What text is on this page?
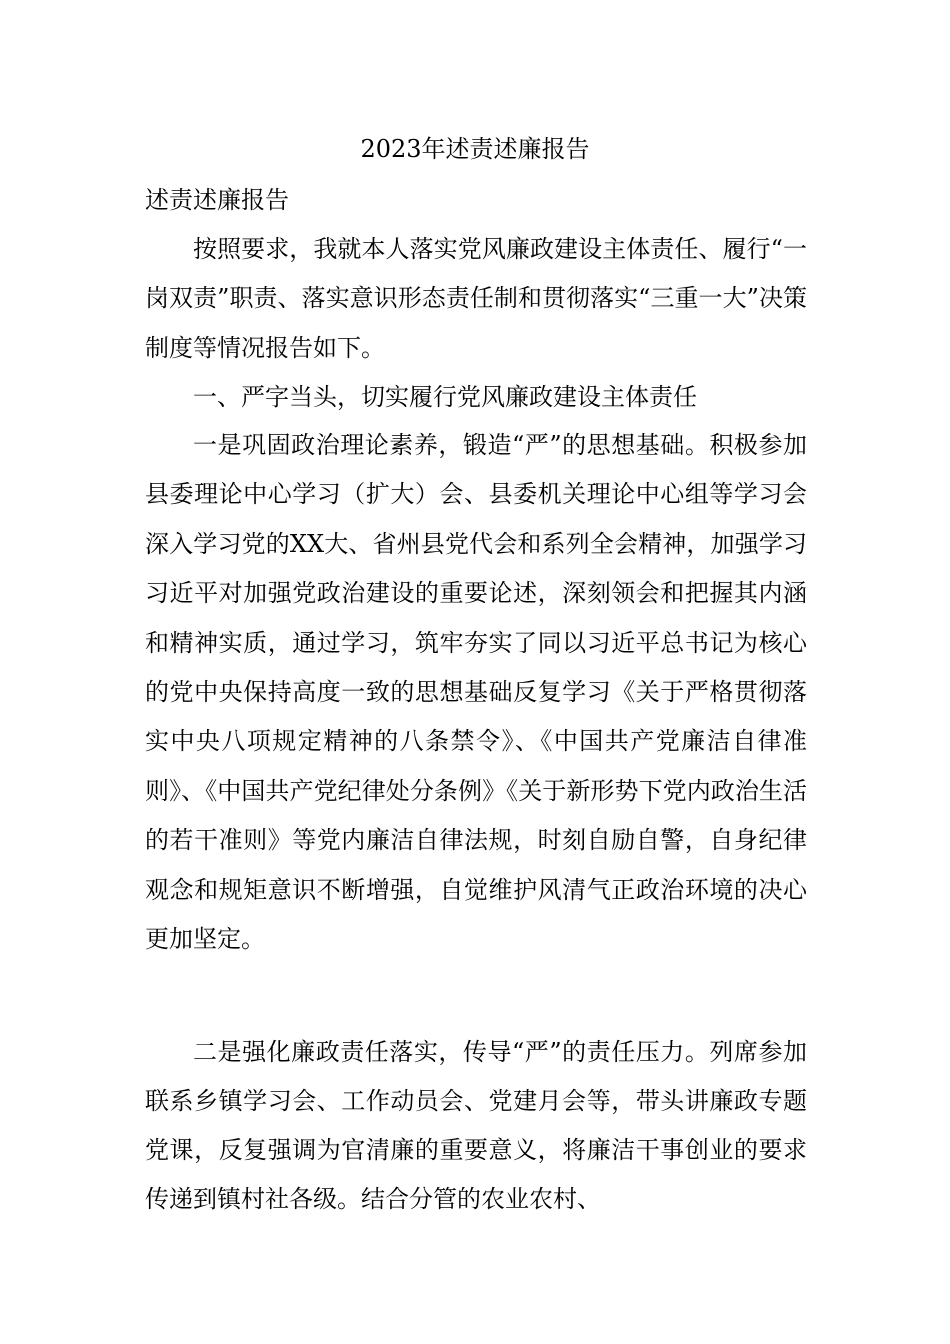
2023年述责述廉报告
述责述廉报告

按照要求，我就本人落实党风廉政建设主体责任、履行“一岗双责”职责、落实意识形态责任制和贯彻落实“三重一大”决策制度等情况报告如下。

一、严字当头，切实履行党风廉政建设主体责任

一是巩固政治理论素养，锻造“严”的思想基础。积极参加县委理论中心学习（扩大）会、县委机关理论中心组等学习会深入学习党的XX大、省州县党代会和系列全会精神，加强学习习近平对加强党政治建设的重要论述，深刻领会和把握其内涵和精神实质，通过学习，筑牢夯实了同以习近平总书记为核心的党中央保持高度一致的思想基础反复学习《关于严格贯彻落实中央八项规定精神的八条禁令》、《中国共产党廉洁自律准则》、《中国共产党纪律处分条例》《关于新形势下党内政治生活的若干准则》等党内廉洁自律法规，时刻自励自警，自身纪律观念和规矩意识不断增强，自觉维护风清气正政治环境的决心更加坚定。

二是强化廉政责任落实，传导“严”的责任压力。列席参加联系乡镇学习会、工作动员会、党建月会等，带头讲廉政专题党课，反复强调为官清廉的重要意义，将廉洁干事创业的要求传递到镇村社各级。结合分管的农业农村、
